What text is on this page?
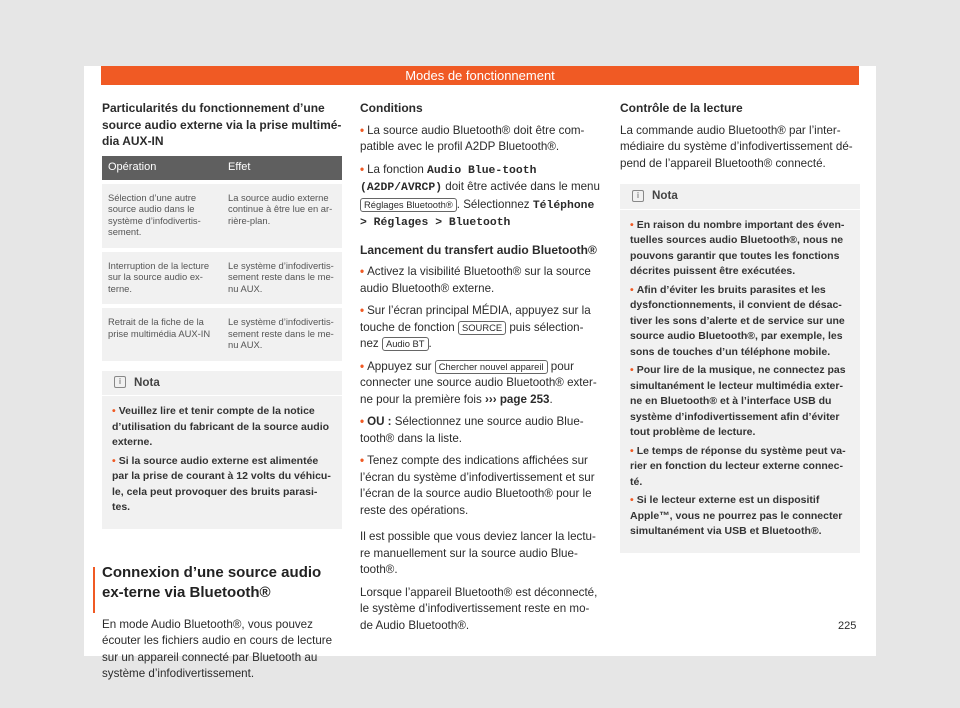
Modes de fonctionnement
Particularités du fonctionnement d’une source audio externe via la prise multimé-dia AUX-IN
Opération	Effet
Sélection d’une autre source audio dans le système d’infodivertis-sement.	La source audio externe continue à être lue en ar-rière-plan.
Interruption de la lecture sur la source audio ex-terne.	Le système d’infodivertis-sement reste dans le me-nu AUX.
Retrait de la fiche de la prise multimédia AUX-IN	Le système d’infodivertis-sement reste dans le me-nu AUX.
i Nota
• Veuillez lire et tenir compte de la notice d’utilisation du fabricant de la source audio externe.
• Si la source audio externe est alimentée par la prise de courant à 12 volts du véhicu-le, cela peut provoquer des bruits parasi-tes.
Connexion d’une source audio ex-terne via Bluetooth®

En mode Audio Bluetooth®, vous pouvez écouter les fichiers audio en cours de lecture sur un appareil connecté par Bluetooth au système d’infodivertissement.

Conditions
• La source audio Bluetooth® doit être com-patible avec le profil A2DP Bluetooth®.
• La fonction Audio Blue-tooth (A2DP/AVRCP) doit être activée dans le menu Réglages Bluetooth® . Sélectionnez Téléphone > Réglages > Bluetooth
Lancement du transfert audio Bluetooth®
• Activez la visibilité Bluetooth® sur la source audio Bluetooth® externe.
• Sur l’écran principal MÉDIA, appuyez sur la touche de fonction SOURCE puis sélection-nez Audio BT .
• Appuyez sur Chercher nouvel appareil pour connecter une source audio Bluetooth® exter-ne pour la première fois ››› page 253.
• OU : Sélectionnez une source audio Blue-tooth® dans la liste.
• Tenez compte des indications affichées sur l’écran du système d’infodivertissement et sur l’écran de la source audio Bluetooth® pour le reste des opérations.

Il est possible que vous deviez lancer la lectu-re manuellement sur la source audio Blue-tooth®.

Lorsque l’appareil Bluetooth® est déconnecté, le système d’infodivertissement reste en mo-de Audio Bluetooth®.

Contrôle de la lecture

La commande audio Bluetooth® par l’inter-médiaire du système d’infodivertissement dé-pend de l’appareil Bluetooth® connecté.

i Nota
• En raison du nombre important des éven-tuelles sources audio Bluetooth®, nous ne pouvons garantir que toutes les fonctions décrites puissent être exécutées.
• Afin d’éviter les bruits parasites et les dysfonctionnements, il convient de désac-tiver les sons d’alerte et de service sur une source audio Bluetooth®, par exemple, les sons de touches d’un téléphone mobile.
• Pour lire de la musique, ne connectez pas simultanément le lecteur multimédia exter-ne en Bluetooth® et à l’interface USB du système d’infodivertissement afin d’éviter tout problème de lecture.
• Le temps de réponse du système peut va-rier en fonction du lecteur externe connec-té.
• Si le lecteur externe est un dispositif Apple™, vous ne pourrez pas le connecter simultanément via USB et Bluetooth®.
225
